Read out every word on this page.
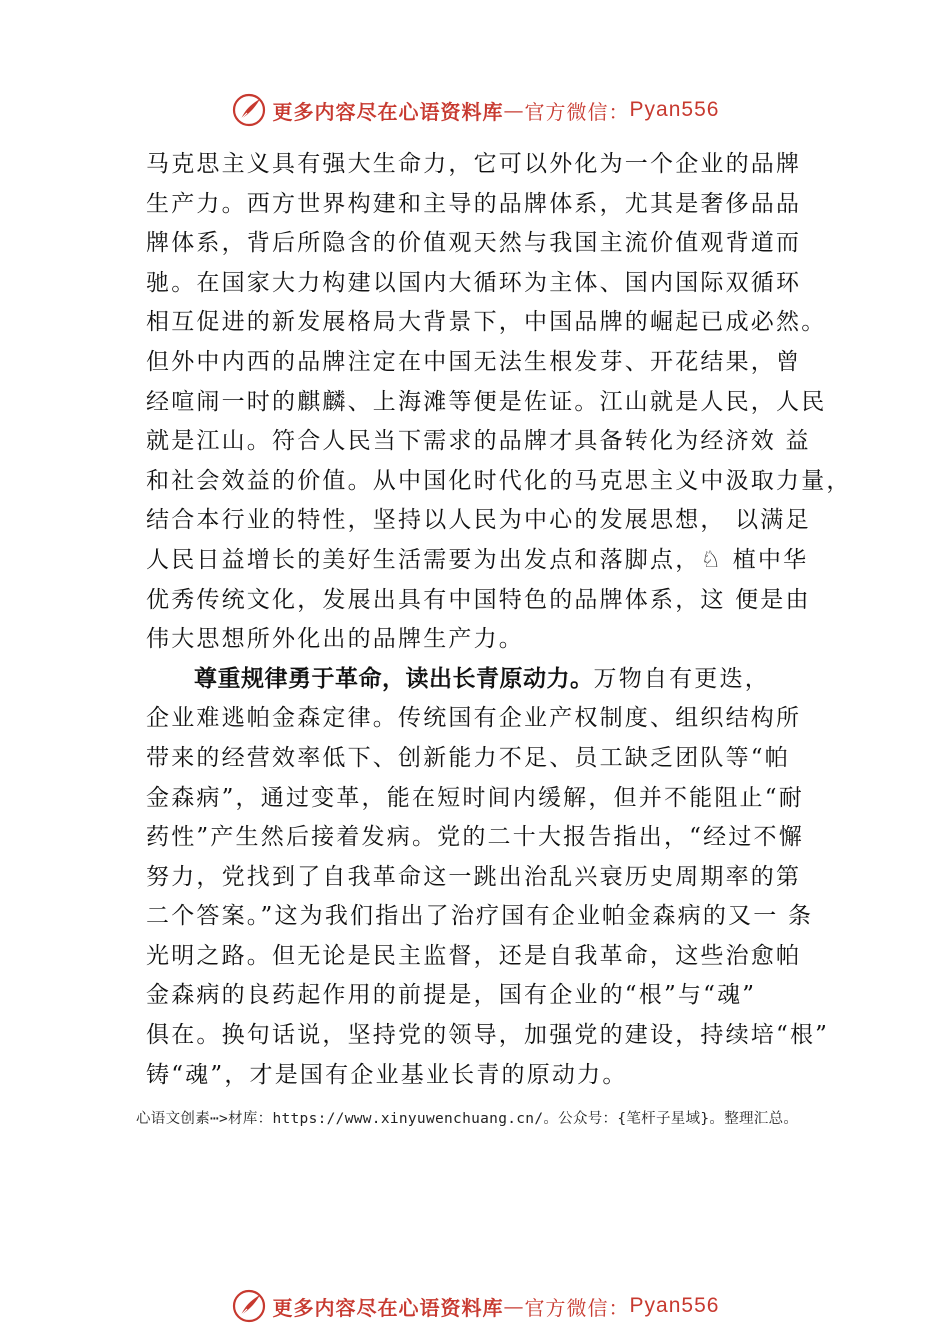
更多内容尽在心语资料库 — 官方微信： Pyan556
马克思主义具有强大生命力，它可以外化为一个企业的品牌
生产力。西方世界构建和主导的品牌体系，尤其是奢侈品品
牌体系，背后所隐含的价值观天然与我国主流价值观背道而
驰。在国家大力构建以国内大循环为主体、国内国际双循环
相互促进的新发展格局大背景下，中国品牌的崛起已成必然。
但外中内西的品牌注定在中国无法生根发芽、开花结果，曾
经喧闹一时的麒麟、上海滩等便是佐证。江山就是人民，人民
就是江山。符合人民当下需求的品牌才具备转化为经济效 益
和社会效益的价值。从中国化时代化的马克思主义中汲取力量，
结合本行业的特性，坚持以人民为中心的发展思想， 以满足
人民日益增长的美好生活需要为出发点和落脚点，♘ 植中华
优秀传统文化，发展出具有中国特色的品牌体系，这 便是由
伟大思想所外化出的品牌生产力。
尊重规律勇于革命，读出长青原动力。万物自有更迭，
企业难逃帕金森定律。传统国有企业产权制度、组织结构所
带来的经营效率低下、创新能力不足、员工缺乏团队等“帕
金森病”，通过变革，能在短时间内缓解，但并不能阻止“耐
药性”产生然后接着发病。党的二十大报告指出，“经过不懈
努力，党找到了自我革命这一跳出治乱兴衰历史周期率的第
二个答案。”这为我们指出了治疗国有企业帕金森病的又一 条
光明之路。但无论是民主监督，还是自我革命，这些治愈帕
金森病的良药起作用的前提是，国有企业的“根”与“魂”
俱在。换句话说，坚持党的领导，加强党的建设，持续培“根”
铸“魂”，才是国有企业基业长青的原动力。
心语文创素⋯>材库：https://www.xinyuwenchuang.cn/。公众号：{笔杆子星域}。整理汇总。
更多内容尽在心语资料库 — 官方微信： Pyan556
